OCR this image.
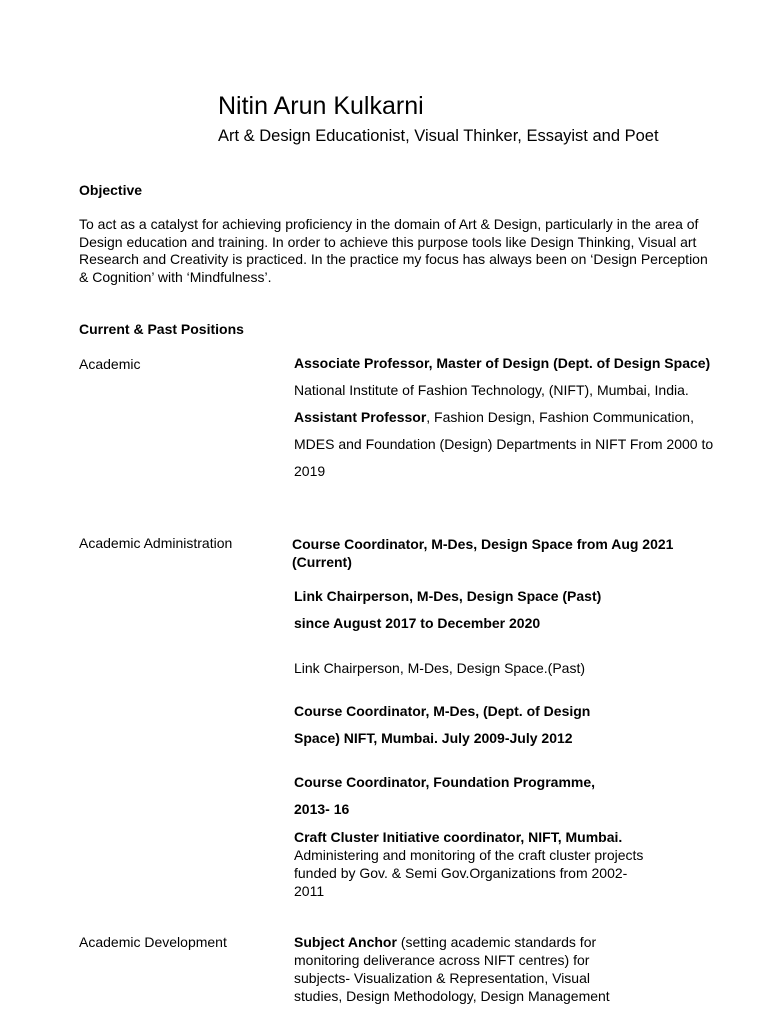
Nitin Arun Kulkarni

Art & Design Educationist, Visual Thinker, Essayist and Poet

Objective

To act as a catalyst for achieving proficiency in the domain of Art & Design, particularly in the area of Design education and training. In order to achieve this purpose tools like Design Thinking, Visual art Research and Creativity is practiced. In the practice my focus has always been on ‘Design Perception & Cognition’ with ‘Mindfulness’.

Current & Past Positions
Academic	Associate Professor, Master of Design (Dept. of Design Space) National Institute of Fashion Technology, (NIFT), Mumbai, India.
Assistant Professor, Fashion Design, Fashion Communication, MDES and Foundation (Design) Departments in NIFT From 2000 to 2019
Academic Administration	Course Coordinator, M-Des, Design Space from Aug 2021 (Current)
Link Chairperson, M-Des, Design Space (Past) since August 2017 to December 2020
Link Chairperson, M-Des, Design Space.(Past)
Course Coordinator, M-Des, (Dept. of Design Space) NIFT, Mumbai. July 2009-July 2012
Course Coordinator, Foundation Programme, 2013- 16
Craft Cluster Initiative coordinator, NIFT, Mumbai.
Administering and monitoring of the craft cluster projects funded by Gov. & Semi Gov.Organizations from 2002- 2011
Academic Development	Subject Anchor (setting academic standards for monitoring deliverance across NIFT centres) for subjects- Visualization & Representation, Visual studies, Design Methodology, Design Management
